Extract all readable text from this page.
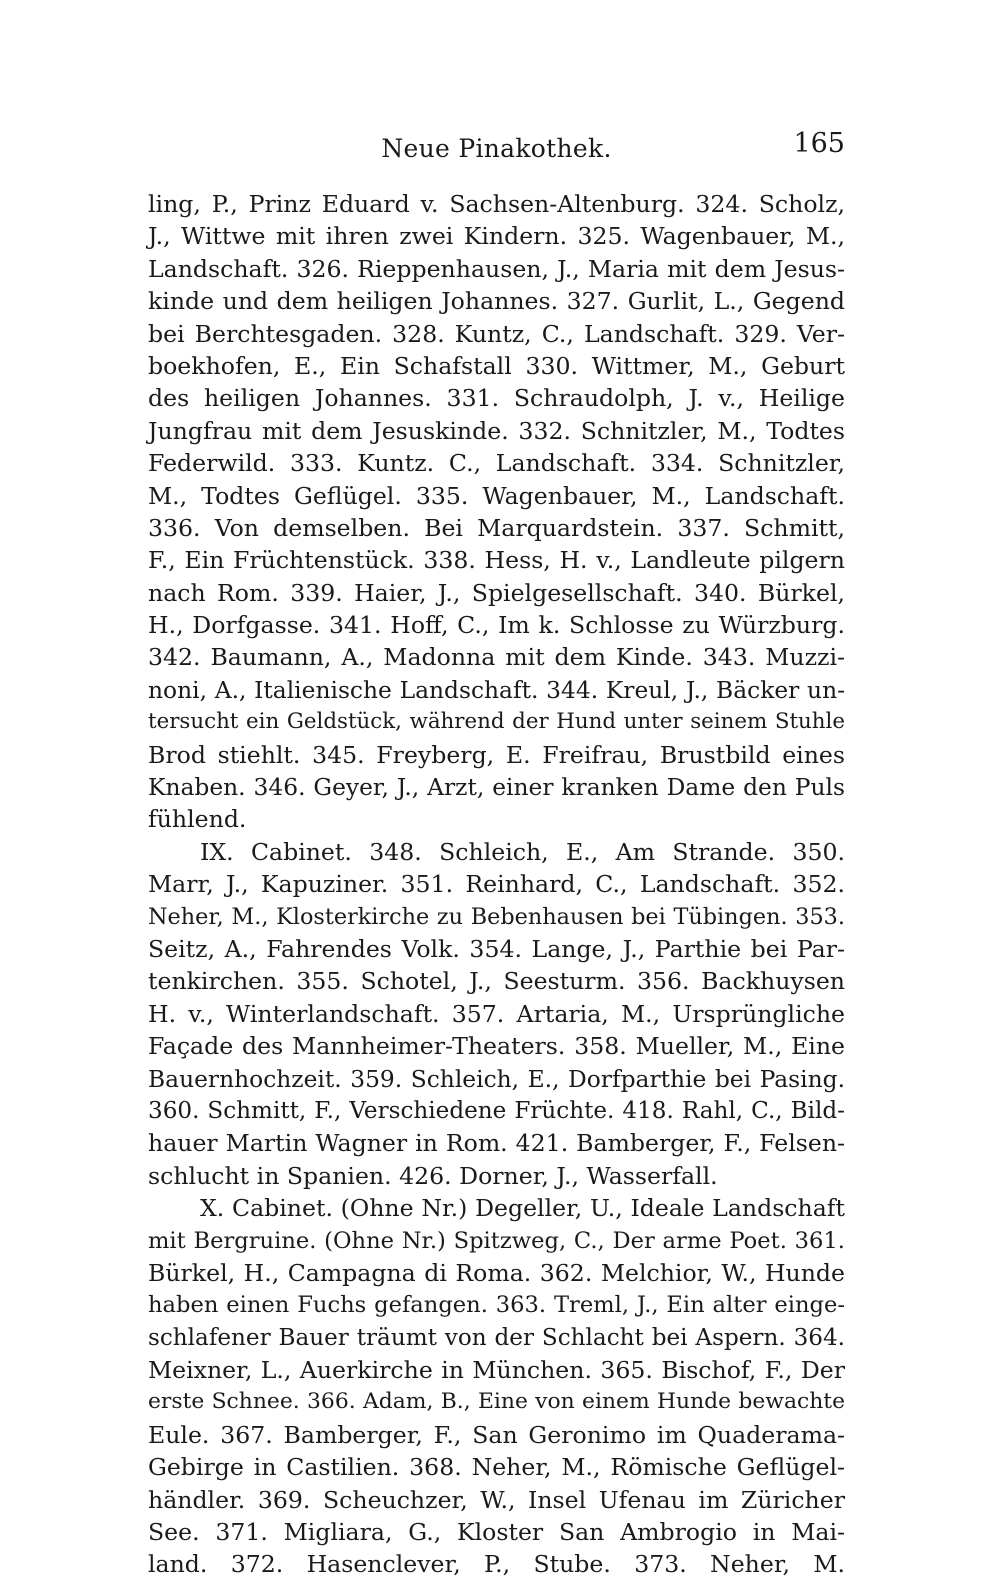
Neue Pinakothek.	165
ling, P., Prinz Eduard v. Sachsen-Altenburg. 324. Scholz,
J., Wittwe mit ihren zwei Kindern. 325. Wagenbauer, M.,
Landschaft. 326. Rieppenhausen, J., Maria mit dem Jesus-
kinde und dem heiligen Johannes. 327. Gurlit, L., Gegend
bei Berchtesgaden. 328. Kuntz, C., Landschaft. 329. Ver-
boekhofen, E., Ein Schafstall 330. Wittmer, M., Geburt
des heiligen Johannes. 331. Schraudolph, J. v., Heilige
Jungfrau mit dem Jesuskinde. 332. Schnitzler, M., Todtes
Federwild. 333. Kuntz. C., Landschaft. 334. Schnitzler,
M., Todtes Geflügel. 335. Wagenbauer, M., Landschaft.
336. Von demselben. Bei Marquardstein. 337. Schmitt,
F., Ein Früchtenstück. 338. Hess, H. v., Landleute pilgern
nach Rom. 339. Haier, J., Spielgesellschaft. 340. Bürkel,
H., Dorfgasse. 341. Hoff, C., Im k. Schlosse zu Würzburg.
342. Baumann, A., Madonna mit dem Kinde. 343. Muzzi-
noni, A., Italienische Landschaft. 344. Kreul, J., Bäcker un-
tersucht ein Geldstück, während der Hund unter seinem Stuhle
Brod stiehlt. 345. Freyberg, E. Freifrau, Brustbild eines
Knaben. 346. Geyer, J., Arzt, einer kranken Dame den Puls
fühlend.
IX. Cabinet. 348. Schleich, E., Am Strande. 350.
Marr, J., Kapuziner. 351. Reinhard, C., Landschaft. 352.
Neher, M., Klosterkirche zu Bebenhausen bei Tübingen. 353.
Seitz, A., Fahrendes Volk. 354. Lange, J., Parthie bei Par-
tenkirchen. 355. Schotel, J., Seesturm. 356. Backhuysen
H. v., Winterlandschaft. 357. Artaria, M., Ursprüngliche
Façade des Mannheimer-Theaters. 358. Mueller, M., Eine
Bauernhochzeit. 359. Schleich, E., Dorfparthie bei Pasing.
360. Schmitt, F., Verschiedene Früchte. 418. Rahl, C., Bild-
hauer Martin Wagner in Rom. 421. Bamberger, F., Felsen-
schlucht in Spanien. 426. Dorner, J., Wasserfall.
X. Cabinet. (Ohne Nr.) Degeller, U., Ideale Landschaft
mit Bergruine. (Ohne Nr.) Spitzweg, C., Der arme Poet. 361.
Bürkel, H., Campagna di Roma. 362. Melchior, W., Hunde
haben einen Fuchs gefangen. 363. Treml, J., Ein alter einge-
schlafener Bauer träumt von der Schlacht bei Aspern. 364.
Meixner, L., Auerkirche in München. 365. Bischof, F., Der
erste Schnee. 366. Adam, B., Eine von einem Hunde bewachte
Eule. 367. Bamberger, F., San Geronimo im Quaderama-
Gebirge in Castilien. 368. Neher, M., Römische Geflügel-
händler. 369. Scheuchzer, W., Insel Ufenau im Züricher
See. 371. Migliara, G., Kloster San Ambrogio in Mai-
land. 372. Hasenclever, P., Stube. 373. Neher, M.
